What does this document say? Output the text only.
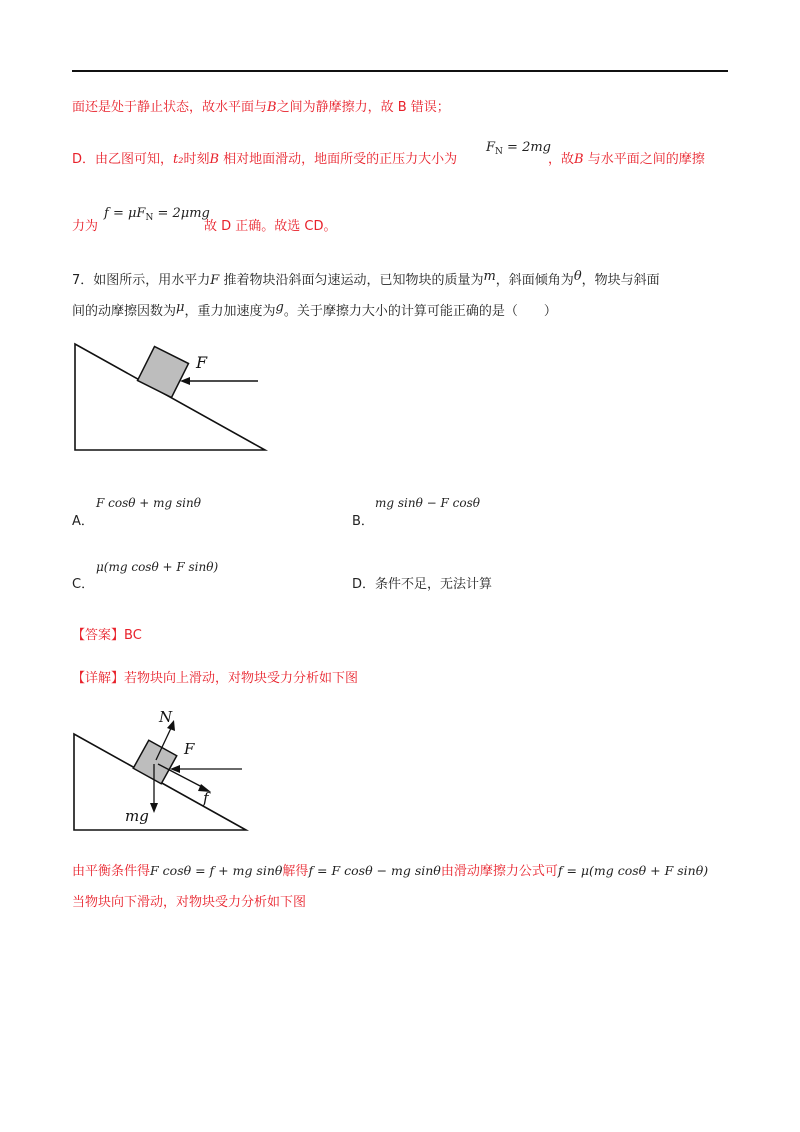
面还是处于静止状态，故水平面与B之间为静摩擦力，故 B 错误；
D．由乙图可知，t₂时刻B 相对地面滑动，地面所受的正压力大小为
$F_N = 2mg$
，故B 与水平面之间的摩擦
力为
$f = \mu F_N = 2\mu mg$
故 D 正确。故选 CD。
7．如图所示，用水平力F 推着物块沿斜面匀速运动，已知物块的质量为m，斜面倾角为θ，物块与斜面
间的动摩擦因数为μ，重力加速度为g。关于摩擦力大小的计算可能正确的是（　　）
F
F cosθ + mg sinθ
A．
mg sinθ − F cosθ
B．
μ(mg cosθ + F sinθ)
C．	D．条件不足，无法计算
【答案】BC
【详解】若物块向上滑动，对物块受力分析如下图
N
F
f
mg
由平衡条件得F cosθ = f + mg sinθ解得f = F cosθ − mg sinθ由滑动摩擦力公式可f = μ(mg cosθ + F sinθ)
当物块向下滑动，对物块受力分析如下图
